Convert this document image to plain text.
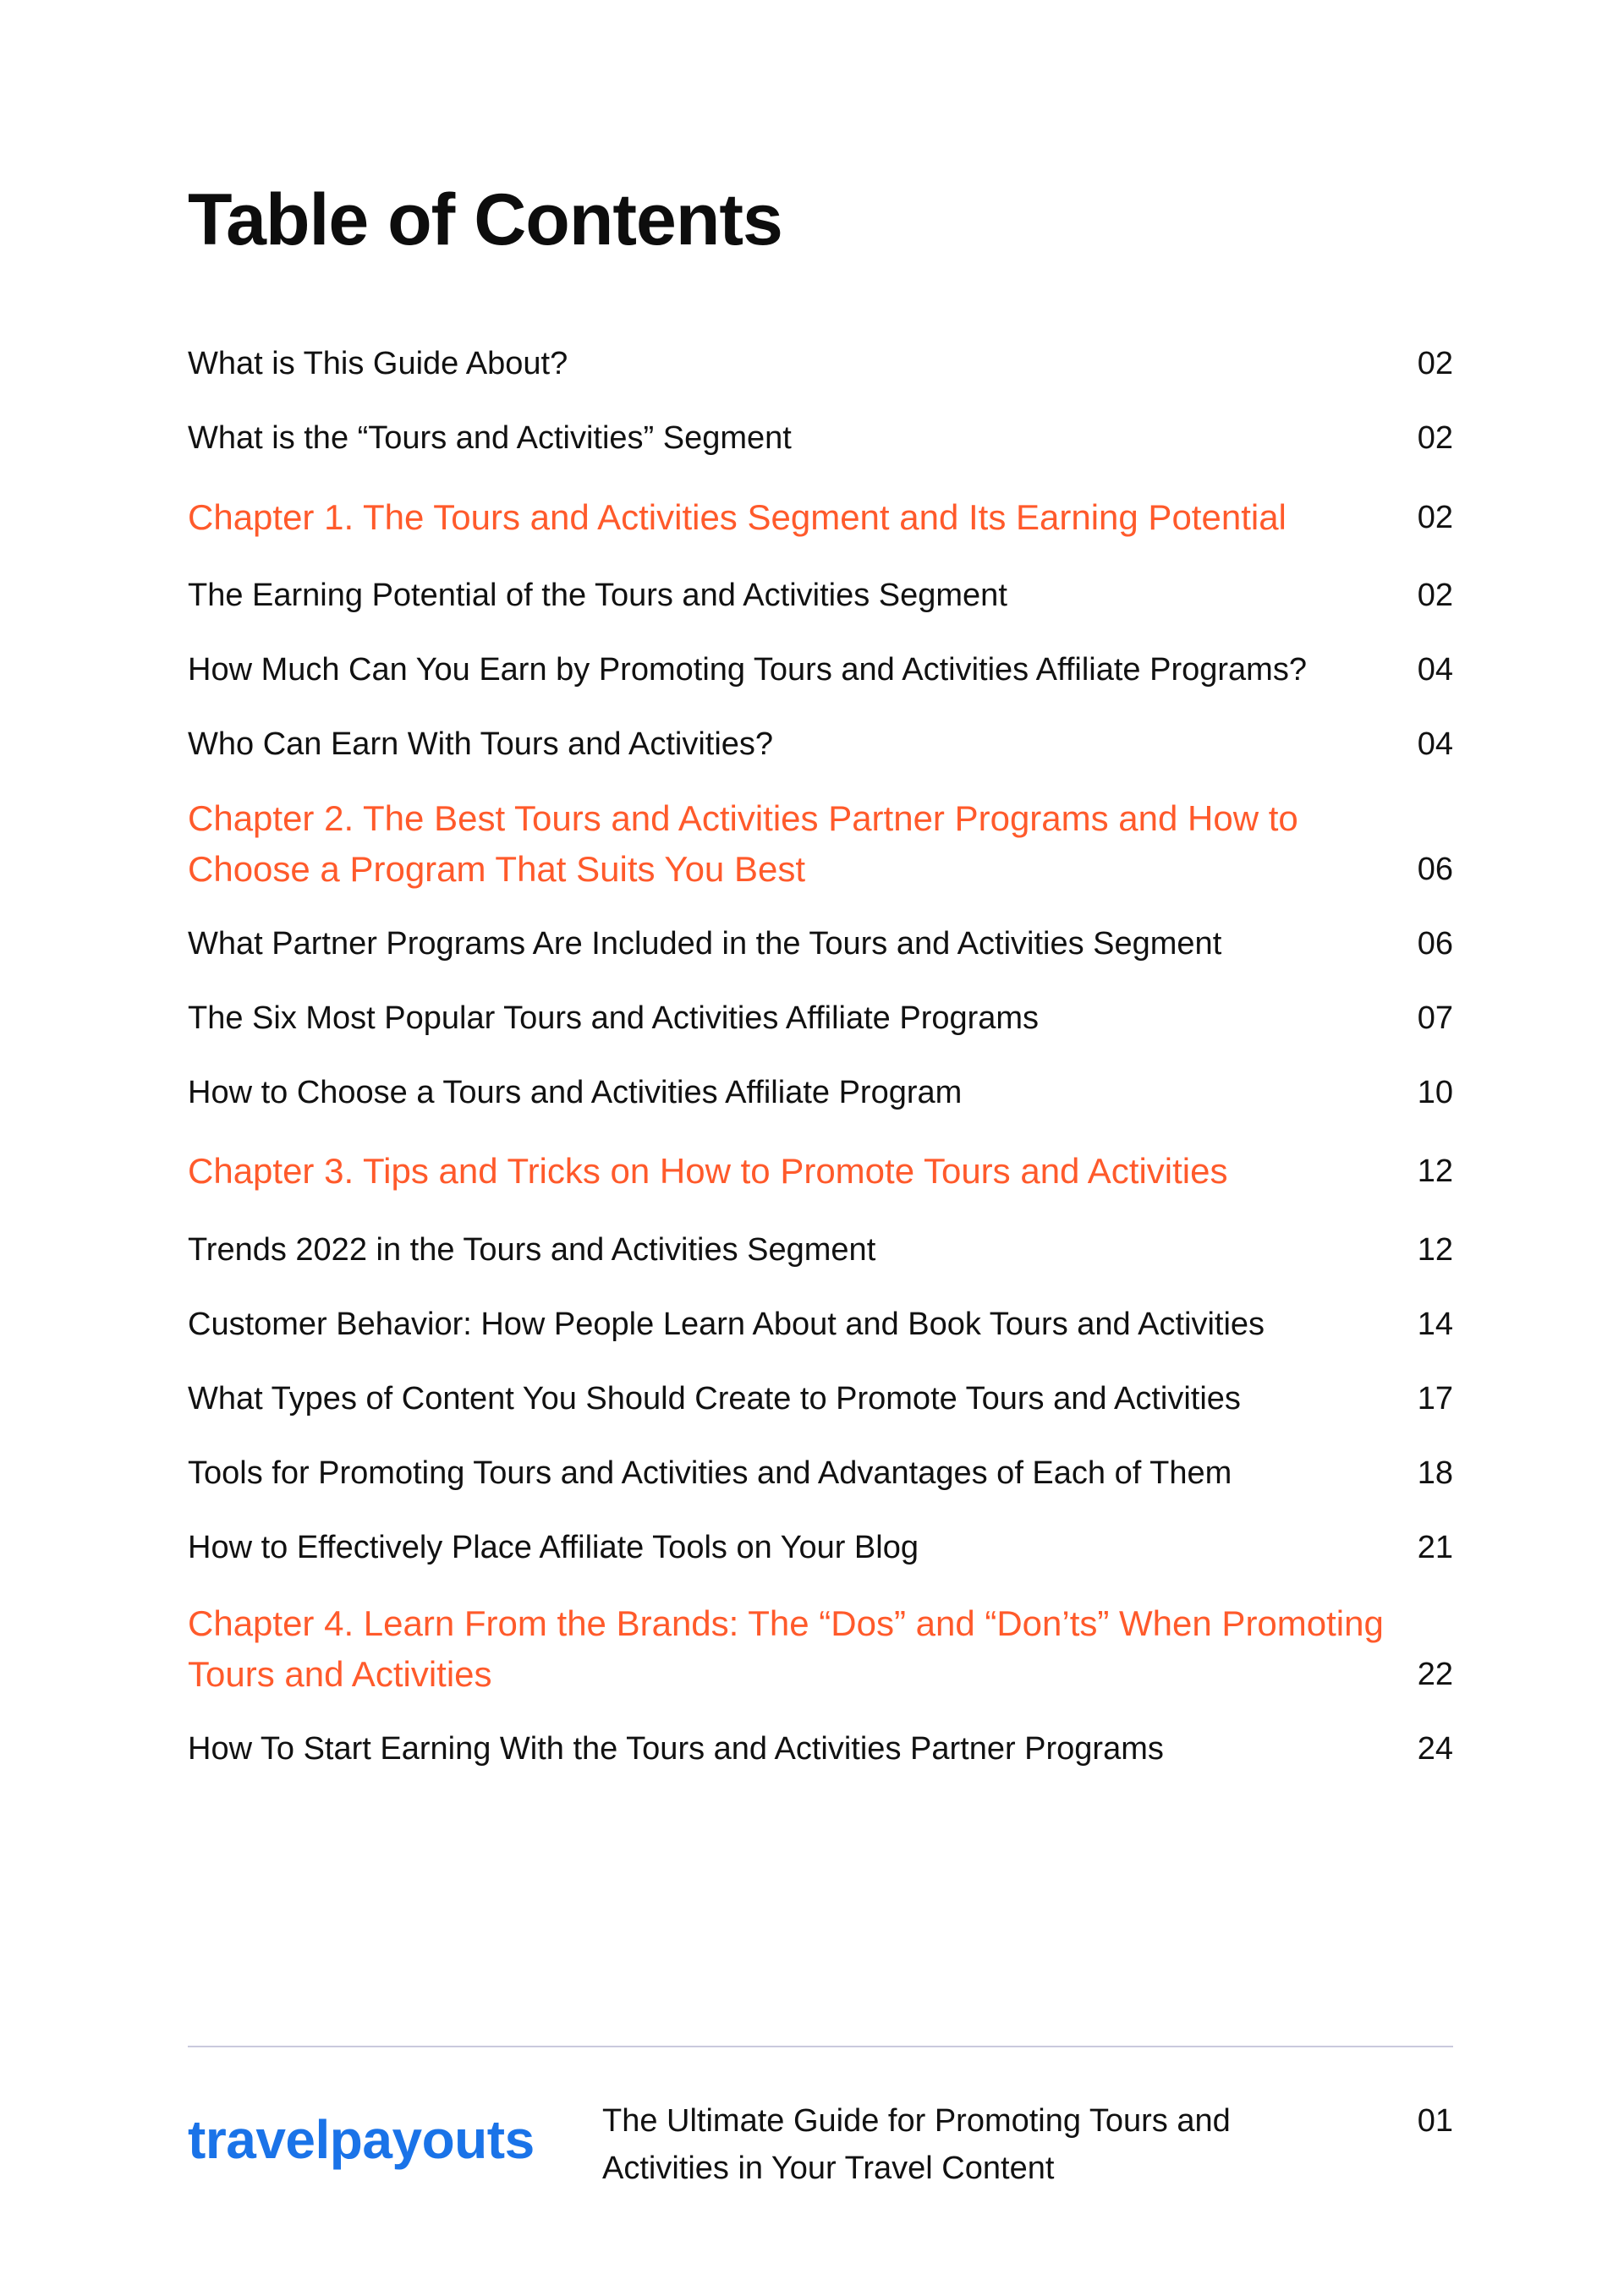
Table of Contents
What is This Guide About?	02
What is the “Tours and Activities” Segment	02
Chapter 1. The Tours and Activities Segment and Its Earning Potential	02
The Earning Potential of the Tours and Activities Segment	02
How Much Can You Earn by Promoting Tours and Activities Affiliate Programs?	04
Who Can Earn With Tours and Activities?	04
Chapter 2. The Best Tours and Activities Partner Programs and How to Choose a Program That Suits You Best	06
What Partner Programs Are Included in the Tours and Activities Segment	06
The Six Most Popular Tours and Activities Affiliate Programs	07
How to Choose a Tours and Activities Affiliate Program	10
Chapter 3. Tips and Tricks on How to Promote Tours and Activities	12
Trends 2022 in the Tours and Activities Segment	12
Customer Behavior: How People Learn About and Book Tours and Activities	14
What Types of Content You Should Create to Promote Tours and Activities	17
Tools for Promoting Tours and Activities and Advantages of Each of Them	18
How to Effectively Place Affiliate Tools on Your Blog	21
Chapter 4. Learn From the Brands: The “Dos” and “Don’ts” When Promoting Tours and Activities	22
How To Start Earning With the Tours and Activities Partner Programs	24
travelpayouts The Ultimate Guide for Promoting Tours and Activities in Your Travel Content
01
